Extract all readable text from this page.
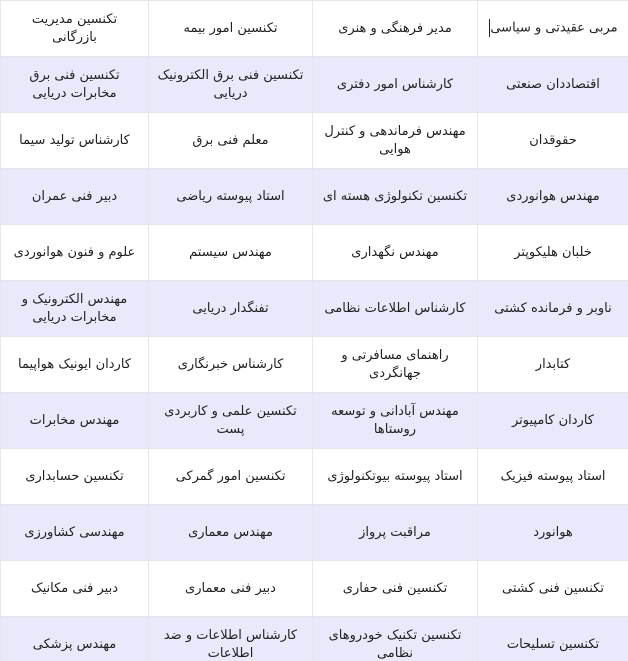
مربی عقیدتی و سیاسی	مدیر فرهنگی و هنری	تکنسین امور بیمه	تکنسین مدیریت بازرگانی
اقتصاددان صنعتی	کارشناس امور دفتری	تکنسین فنی برق الکترونیک دریایی	تکنسین فنی برق مخابرات دریایی
حقوقدان	مهندس فرماندهی و کنترل هوایی	معلم فنی برق	کارشناس تولید سیما
مهندس هوانوردی	تکنسین تکنولوژی هسته ای	استاد پیوسته ریاضی	دبیر فنی عمران
خلبان هلیکوپتر	مهندس نگهداری	مهندس سیستم	علوم و فنون هوانوردی
ناوبر و فرمانده کشتی	کارشناس اطلاعات نظامی	تفنگدار دریایی	مهندس الکترونیک و مخابرات دریایی
کتابدار	راهنمای مسافرتی و جهانگردی	کارشناس خبرنگاری	کاردان ایونیک هواپیما
کاردان کامپیوتر	مهندس آبادانی و توسعه روستاها	تکنسین علمی و کاربردی پست	مهندس مخابرات
استاد پیوسته فیزیک	استاد پیوسته بیوتکنولوژی	تکنسین امور گمرکی	تکنسین حسابداری
هوانورد	مراقبت پرواز	مهندس معماری	مهندسی کشاورزی
تکنسین فنی کشتی	تکنسین فنی حفاری	دبیر فنی معماری	دبیر فنی مکانیک
تکنسین تسلیحات	تکنسین تکنیک خودروهای نظامی	کارشناس اطلاعات و ضد اطلاعات	مهندس پزشکی
